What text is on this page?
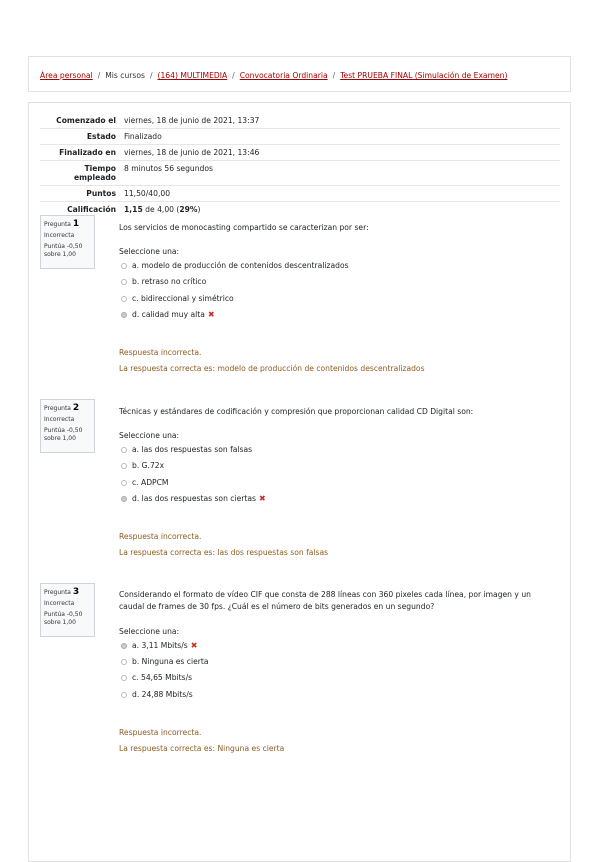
Área personal / Mis cursos / (164) MULTIMEDIA / Convocatoria Ordinaria / Test PRUEBA FINAL (Simulación de Examen)
Comenzado el	viernes, 18 de junio de 2021, 13:37
Estado	Finalizado
Finalizado en	viernes, 18 de junio de 2021, 13:46
Tiempo empleado	8 minutos 56 segundos
Puntos	11,50/40,00
Calificación	1,15 de 4,00 (29%)
Pregunta 1
Incorrecta
Puntúa -0,50
sobre 1,00
Los servicios de monocasting compartido se caracterizan por ser:
Seleccione una:
a. modelo de producción de contenidos descentralizados
b. retraso no crítico
c. bidireccional y simétrico
d. calidad muy alta ✖
Respuesta incorrecta.
La respuesta correcta es: modelo de producción de contenidos descentralizados
Pregunta 2
Incorrecta
Puntúa -0,50
sobre 1,00
Técnicas y estándares de codificación y compresión que proporcionan calidad CD Digital son:
Seleccione una:
a. las dos respuestas son falsas
b. G.72x
c. ADPCM
d. las dos respuestas son ciertas ✖
Respuesta incorrecta.
La respuesta correcta es: las dos respuestas son falsas
Pregunta 3
Incorrecta
Puntúa -0,50
sobre 1,00
Considerando el formato de vídeo CIF que consta de 288 líneas con 360 pixeles cada línea, por imagen y un caudal de frames de 30 fps. ¿Cuál es el número de bits generados en un segundo?
Seleccione una:
a. 3,11 Mbits/s ✖
b. Ninguna es cierta
c. 54,65 Mbits/s
d. 24,88 Mbits/s
Respuesta incorrecta.
La respuesta correcta es: Ninguna es cierta
